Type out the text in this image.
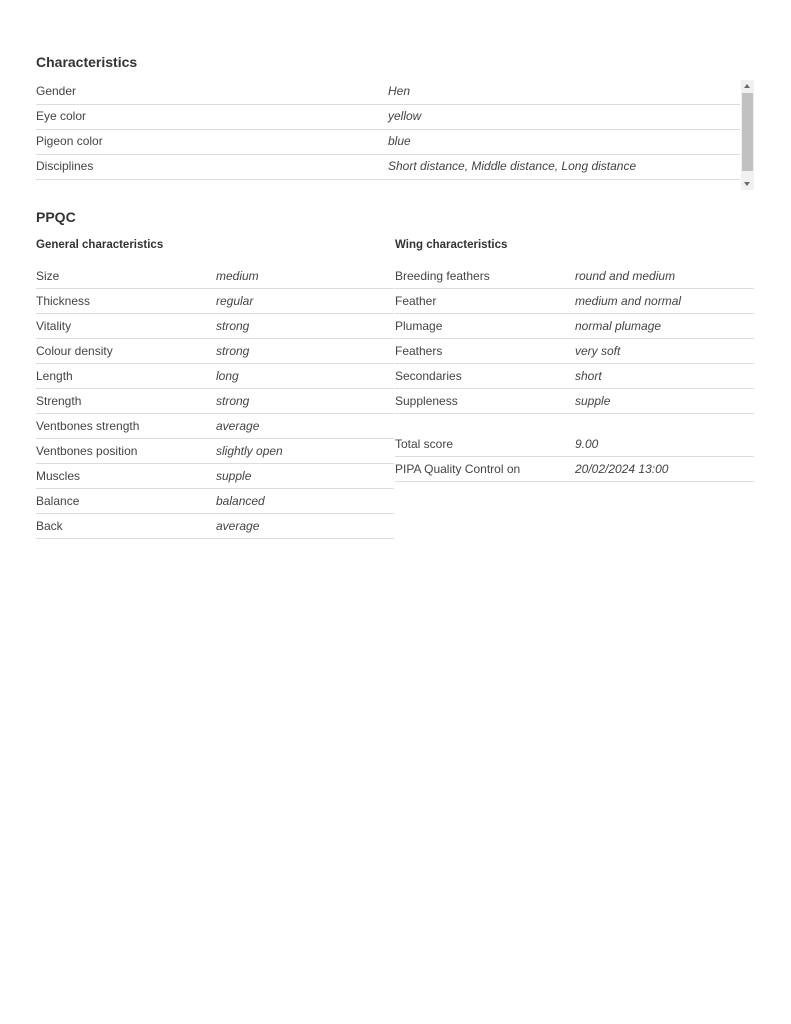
Characteristics
Gender	Hen
Eye color	yellow
Pigeon color	blue
Disciplines	Short distance, Middle distance, Long distance
PPQC
General characteristics
Size	medium
Thickness	regular
Vitality	strong
Colour density	strong
Length	long
Strength	strong
Ventbones strength	average
Ventbones position	slightly open
Muscles	supple
Balance	balanced
Back	average
Wing characteristics
Breeding feathers	round and medium
Feather	medium and normal
Plumage	normal plumage
Feathers	very soft
Secondaries	short
Suppleness	supple
Total score	9.00
PIPA Quality Control on	20/02/2024 13:00
